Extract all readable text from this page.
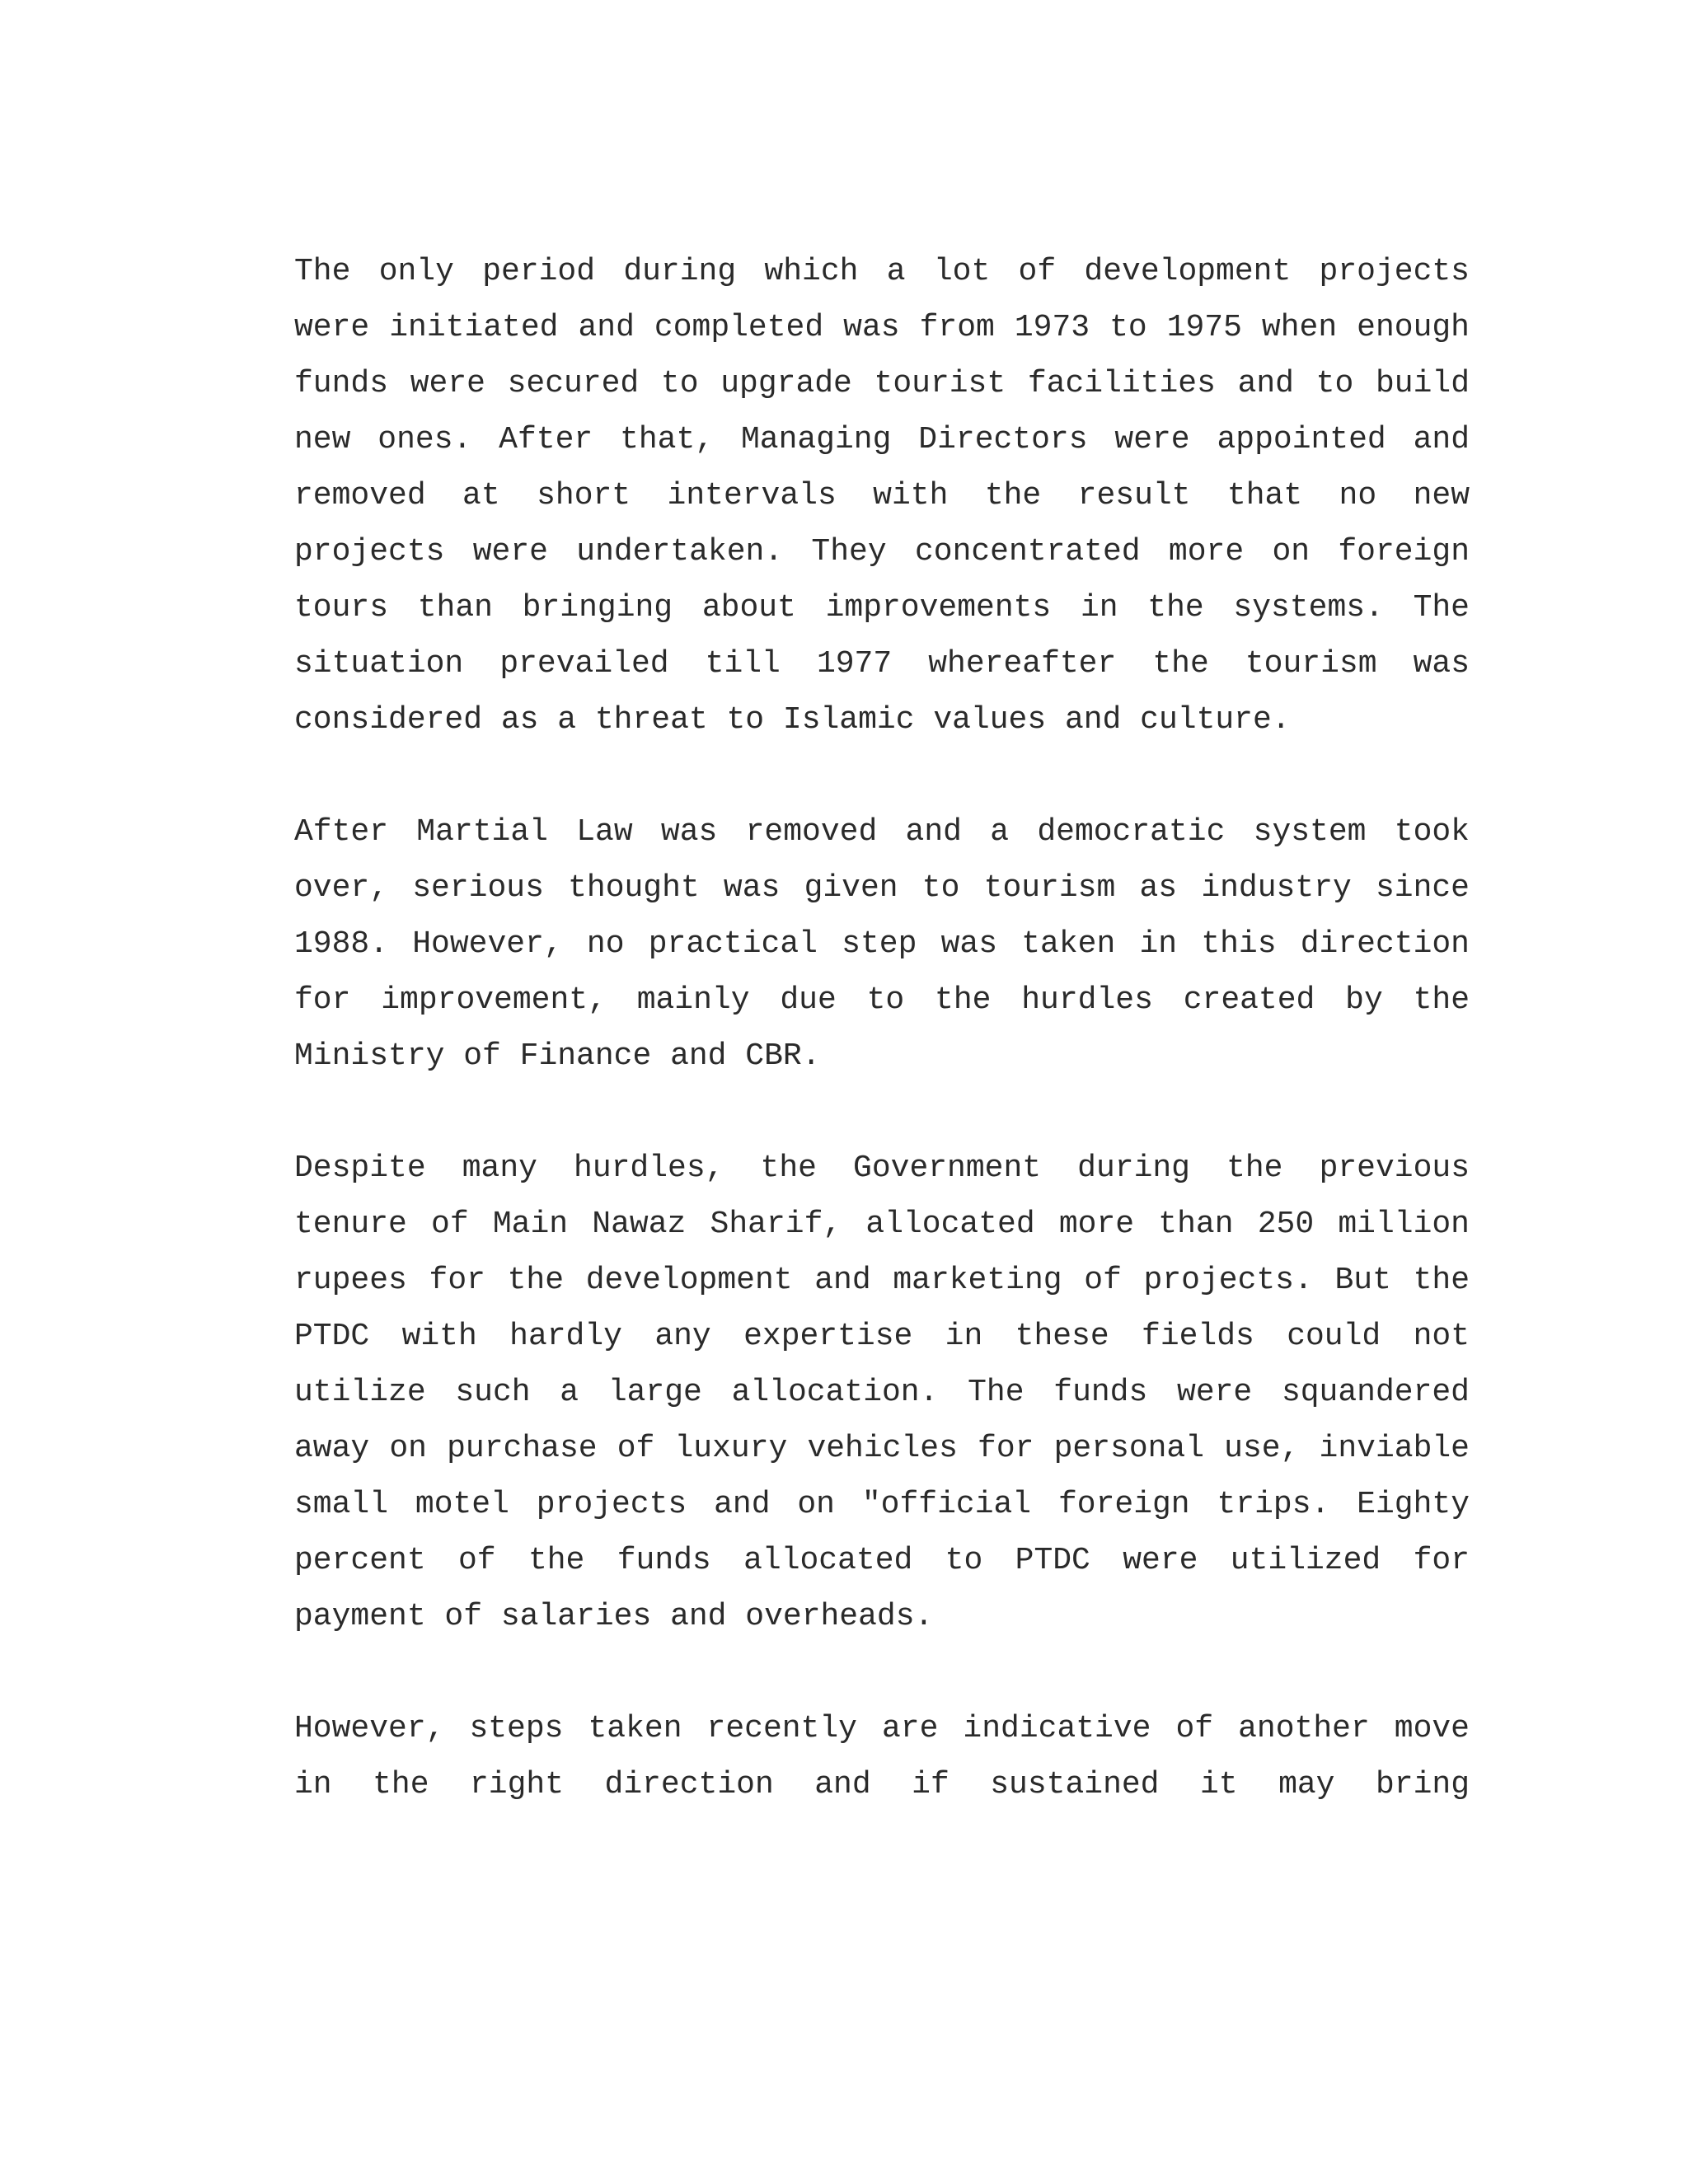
The only period during which a lot of development projects were initiated and completed was from 1973 to 1975 when enough funds were secured to upgrade tourist facilities and to build new ones. After that, Managing Directors were appointed and removed at short intervals with the result that no new projects were undertaken. They concentrated more on foreign tours than bringing about improvements in the systems. The situation prevailed till 1977 whereafter the tourism was considered as a threat to Islamic values and culture.

After Martial Law was removed and a democratic system took over, serious thought was given to tourism as industry since 1988. However, no practical step was taken in this direction for improvement, mainly due to the hurdles created by the Ministry of Finance and CBR.

Despite many hurdles, the Government during the previous tenure of Main Nawaz Sharif, allocated more than 250 million rupees for the development and marketing of projects. But the PTDC with hardly any expertise in these fields could not utilize such a large allocation. The funds were squandered away on purchase of luxury vehicles for personal use, inviable small motel projects and on "official foreign trips. Eighty percent of the funds allocated to PTDC were utilized for payment of salaries and overheads.

However, steps taken recently are indicative of another move in the right direction and if sustained it may bring
